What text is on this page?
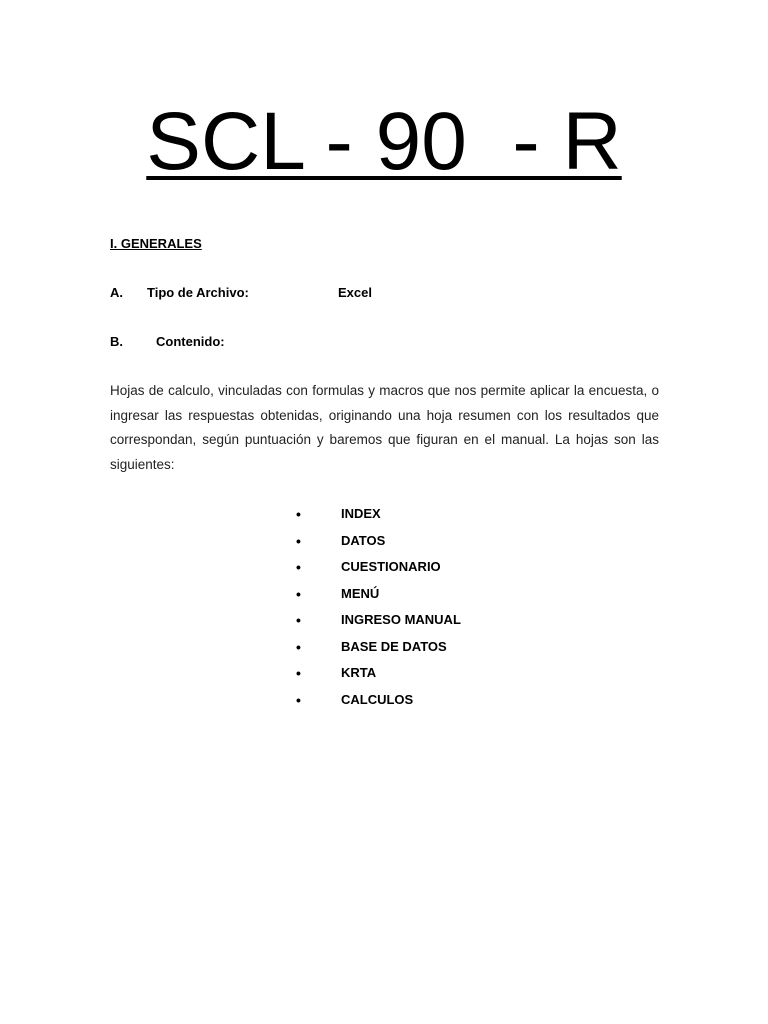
SCL - 90  - R
I. GENERALES
A. Tipo de Archivo:	Excel
B.	Contenido:

Hojas de calculo, vinculadas con formulas y macros que nos permite aplicar la encuesta, o ingresar las respuestas obtenidas, originando una hoja resumen con los resultados que correspondan, según puntuación y baremos que figuran en el manual. La hojas son las siguientes:

•	INDEX
•	DATOS
•	CUESTIONARIO
•	MENÚ
•	INGRESO MANUAL
•	BASE DE DATOS
•	KRTA
•	CALCULOS
